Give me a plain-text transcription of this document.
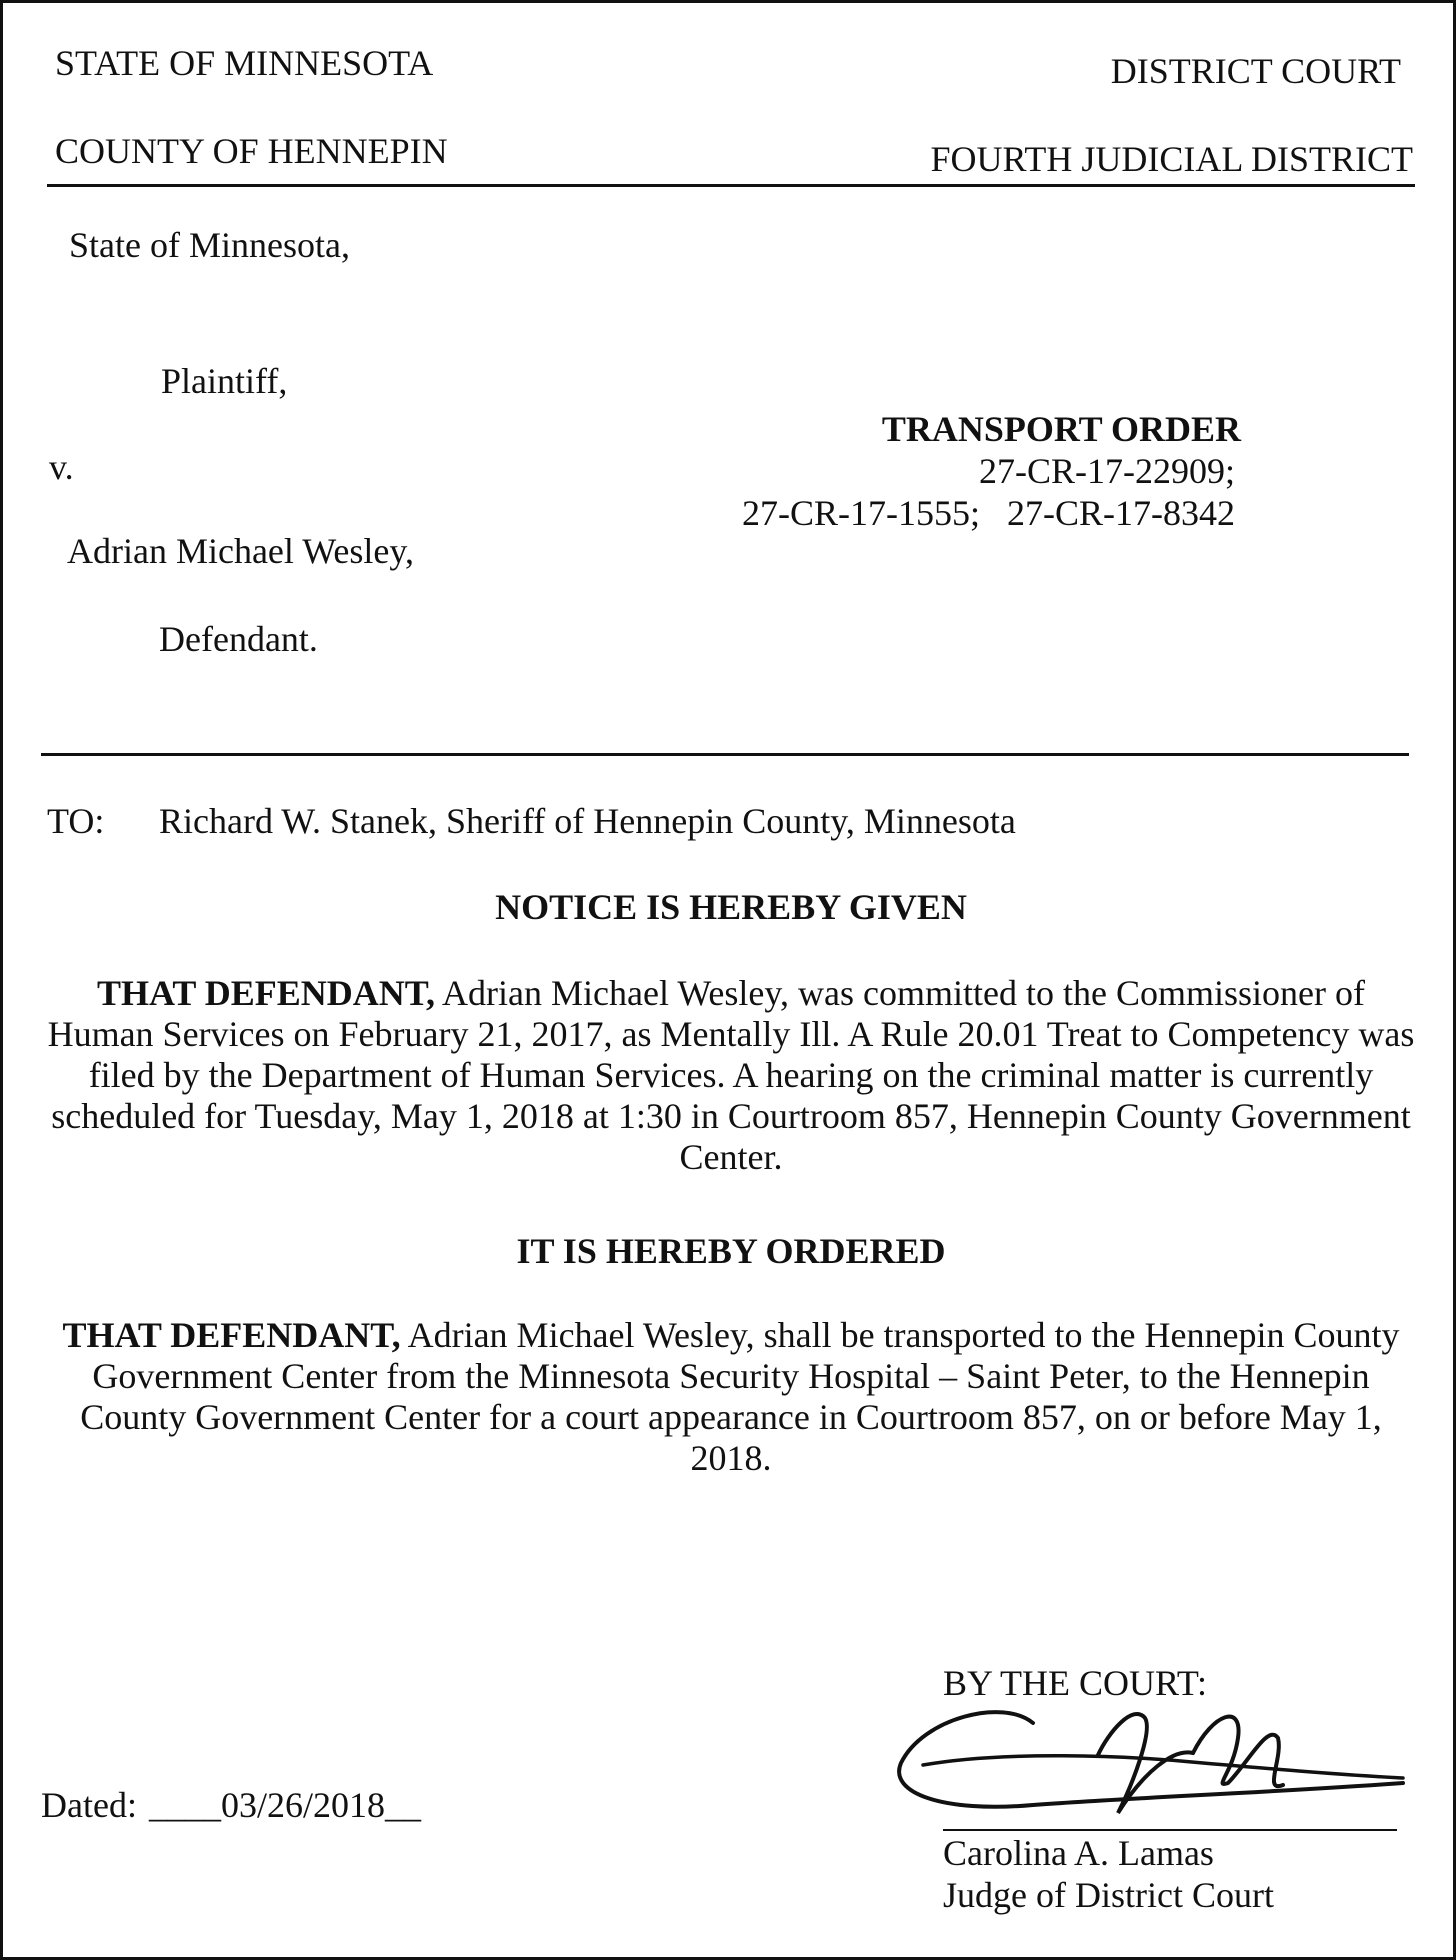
STATE OF MINNESOTA	DISTRICT COURT
COUNTY OF HENNEPIN	FOURTH JUDICIAL DISTRICT
State of Minnesota,
Plaintiff,
v.
Adrian Michael Wesley,
Defendant.
TRANSPORT ORDER
27-CR-17-22909;
27-CR-17-1555;   27-CR-17-8342
TO: Richard W. Stanek, Sheriff of Hennepin County, Minnesota
NOTICE IS HEREBY GIVEN
THAT DEFENDANT, Adrian Michael Wesley, was committed to the Commissioner of Human Services on February 21, 2017, as Mentally Ill. A Rule 20.01 Treat to Competency was filed by the Department of Human Services. A hearing on the criminal matter is currently scheduled for Tuesday, May 1, 2018 at 1:30 in Courtroom 857, Hennepin County Government Center.
IT IS HEREBY ORDERED
THAT DEFENDANT, Adrian Michael Wesley, shall be transported to the Hennepin County Government Center from the Minnesota Security Hospital – Saint Peter, to the Hennepin County Government Center for a court appearance in Courtroom 857, on or before May 1, 2018.
BY THE COURT:
Carolina A. Lamas
Judge of District Court
Dated: ____03/26/2018__
